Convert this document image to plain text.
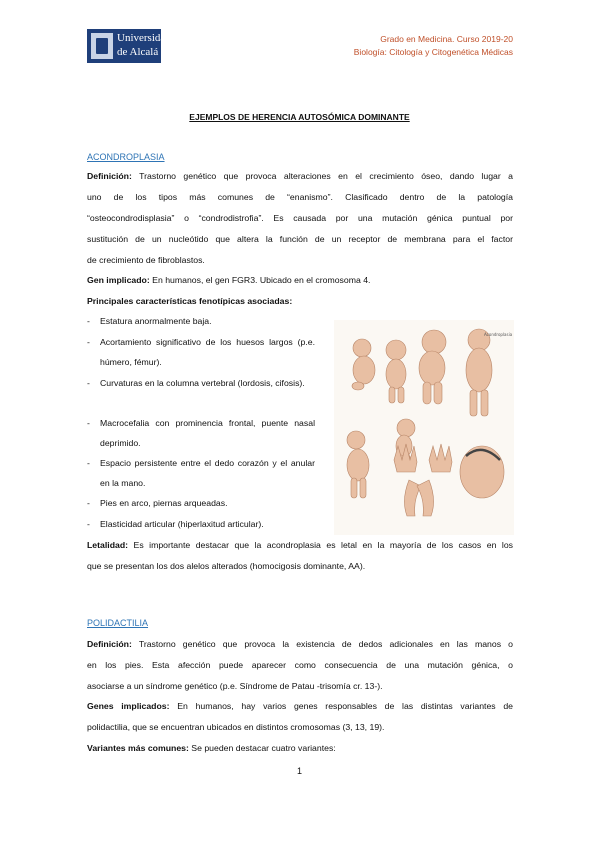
Universidad
de Alcalá
Grado en Medicina. Curso 2019-20
Biología: Citología y Citogenética Médicas
EJEMPLOS DE HERENCIA AUTOSÓMICA DOMINANTE
ACONDROPLASIA
Definición: Trastorno genético que provoca alteraciones en el crecimiento óseo, dando lugar a
uno de los tipos más comunes de “enanismo”. Clasificado dentro de la patología
“osteocondrodisplasia” o “condrodistrofia”. Es causada por una mutación génica puntual por
sustitución de un nucleótido que altera la función de un receptor de membrana para el factor
de crecimiento de fibroblastos.
Gen implicado: En humanos, el gen FGR3. Ubicado en el cromosoma 4.
Principales características fenotípicas asociadas:
- Estatura anormalmente baja.
- Acortamiento significativo de los huesos largos (p.e. húmero, fémur).
- Curvaturas en la columna vertebral (lordosis, cifosis).
- Macrocefalia con prominencia frontal, puente nasal deprimido.
- Espacio persistente entre el dedo corazón y el anular en la mano.
- Pies en arco, piernas arqueadas.
- Elasticidad articular (hiperlaxitud articular).
Acondroplasia
Letalidad: Es importante destacar que la acondroplasia es letal en la mayoría de los casos en los
que se presentan los dos alelos alterados (homocigosis dominante, AA).
POLIDACTILIA
Definición: Trastorno genético que provoca la existencia de dedos adicionales en las manos o
en los pies. Esta afección puede aparecer como consecuencia de una mutación génica, o
asociarse a un síndrome genético (p.e. Síndrome de Patau -trisomía cr. 13-).
Genes implicados: En humanos, hay varios genes responsables de las distintas variantes de
polidactilia, que se encuentran ubicados en distintos cromosomas (3, 13, 19).
Variantes más comunes: Se pueden destacar cuatro variantes:
1
